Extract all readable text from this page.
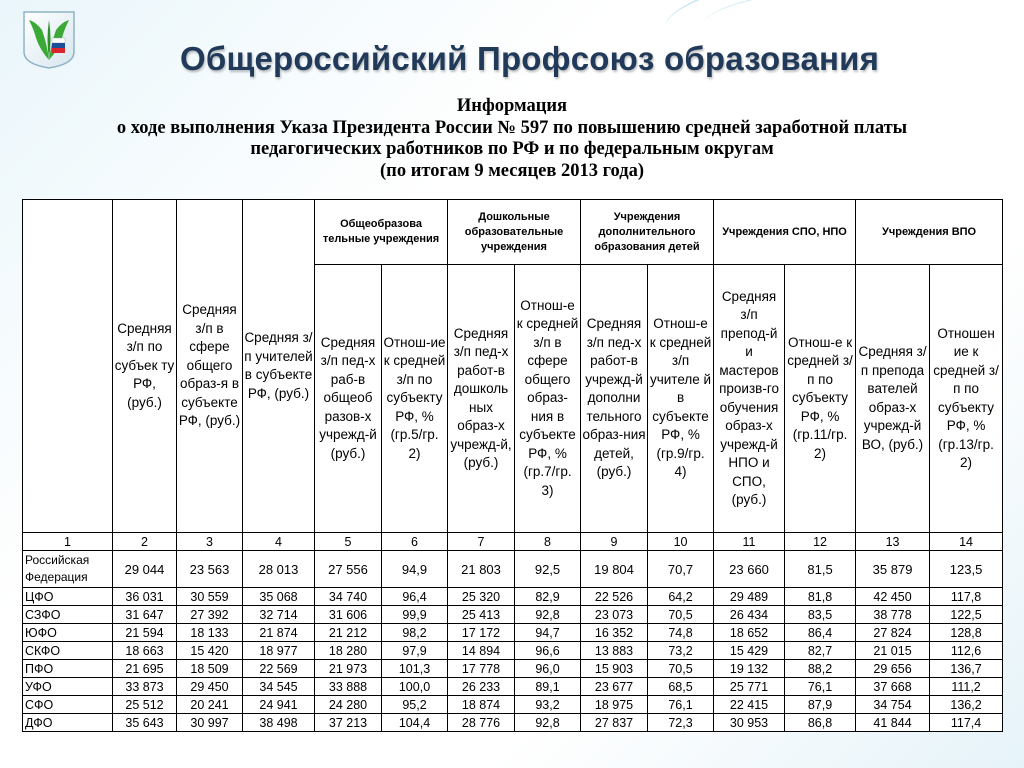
Общероссийский Профсоюз образования
Информация
о ходе выполнения Указа Президента России № 597 по повышению средней заработной платы
педагогических работников по РФ и по федеральным округам
(по итогам 9 месяцев 2013 года)
	Средняя з/п по субъек ту РФ, (руб.)	Средняя з/п в сфере общего образ-я в субъекте РФ, (руб.)	Средняя з/п учителей в субъекте РФ, (руб.)	Общеобразова тельные учреждения		Дошкольные образовательные учреждения		Учреждения дополнительного образования детей		Учреждения СПО, НПО		Учреждения ВПО	
				Средняя з/п пед-х раб-в общеоб разов-х учрежд-й (руб.)	Отнош-ие к средней з/п по субъекту РФ, % (гр.5/гр. 2)	Средняя з/п пед-х работ-в дошколь ных образ-х учрежд-й, (руб.)	Отнош-е к средней з/п в сфере общего образ-ния в субъекте РФ, % (гр.7/гр. 3)	Средняя з/п пед-х работ-в учрежд-й дополни тельного образ-ния детей, (руб.)	Отнош-е к средней з/п учителе й в субъекте РФ, % (гр.9/гр. 4)	Средняя з/п препод-й и мастеров произв-го обучения образ-х учрежд-й НПО и СПО, (руб.)	Отнош-е к средней з/п по субъекту РФ, % (гр.11/гр. 2)	Средняя з/п препода вателей образ-х учрежд-й ВО, (руб.)	Отношен ие к средней з/п по субъекту РФ, % (гр.13/гр. 2)
1	2	3	4	5	6	7	8	9	10	11	12	13	14
Российская Федерация	29 044	23 563	28 013	27 556	94,9	21 803	92,5	19 804	70,7	23 660	81,5	35 879	123,5
ЦФО	36 031	30 559	35 068	34 740	96,4	25 320	82,9	22 526	64,2	29 489	81,8	42 450	117,8
СЗФО	31 647	27 392	32 714	31 606	99,9	25 413	92,8	23 073	70,5	26 434	83,5	38 778	122,5
ЮФО	21 594	18 133	21 874	21 212	98,2	17 172	94,7	16 352	74,8	18 652	86,4	27 824	128,8
СКФО	18 663	15 420	18 977	18 280	97,9	14 894	96,6	13 883	73,2	15 429	82,7	21 015	112,6
ПФО	21 695	18 509	22 569	21 973	101,3	17 778	96,0	15 903	70,5	19 132	88,2	29 656	136,7
УФО	33 873	29 450	34 545	33 888	100,0	26 233	89,1	23 677	68,5	25 771	76,1	37 668	111,2
СФО	25 512	20 241	24 941	24 280	95,2	18 874	93,2	18 975	76,1	22 415	87,9	34 754	136,2
ДФО	35 643	30 997	38 498	37 213	104,4	28 776	92,8	27 837	72,3	30 953	86,8	41 844	117,4
